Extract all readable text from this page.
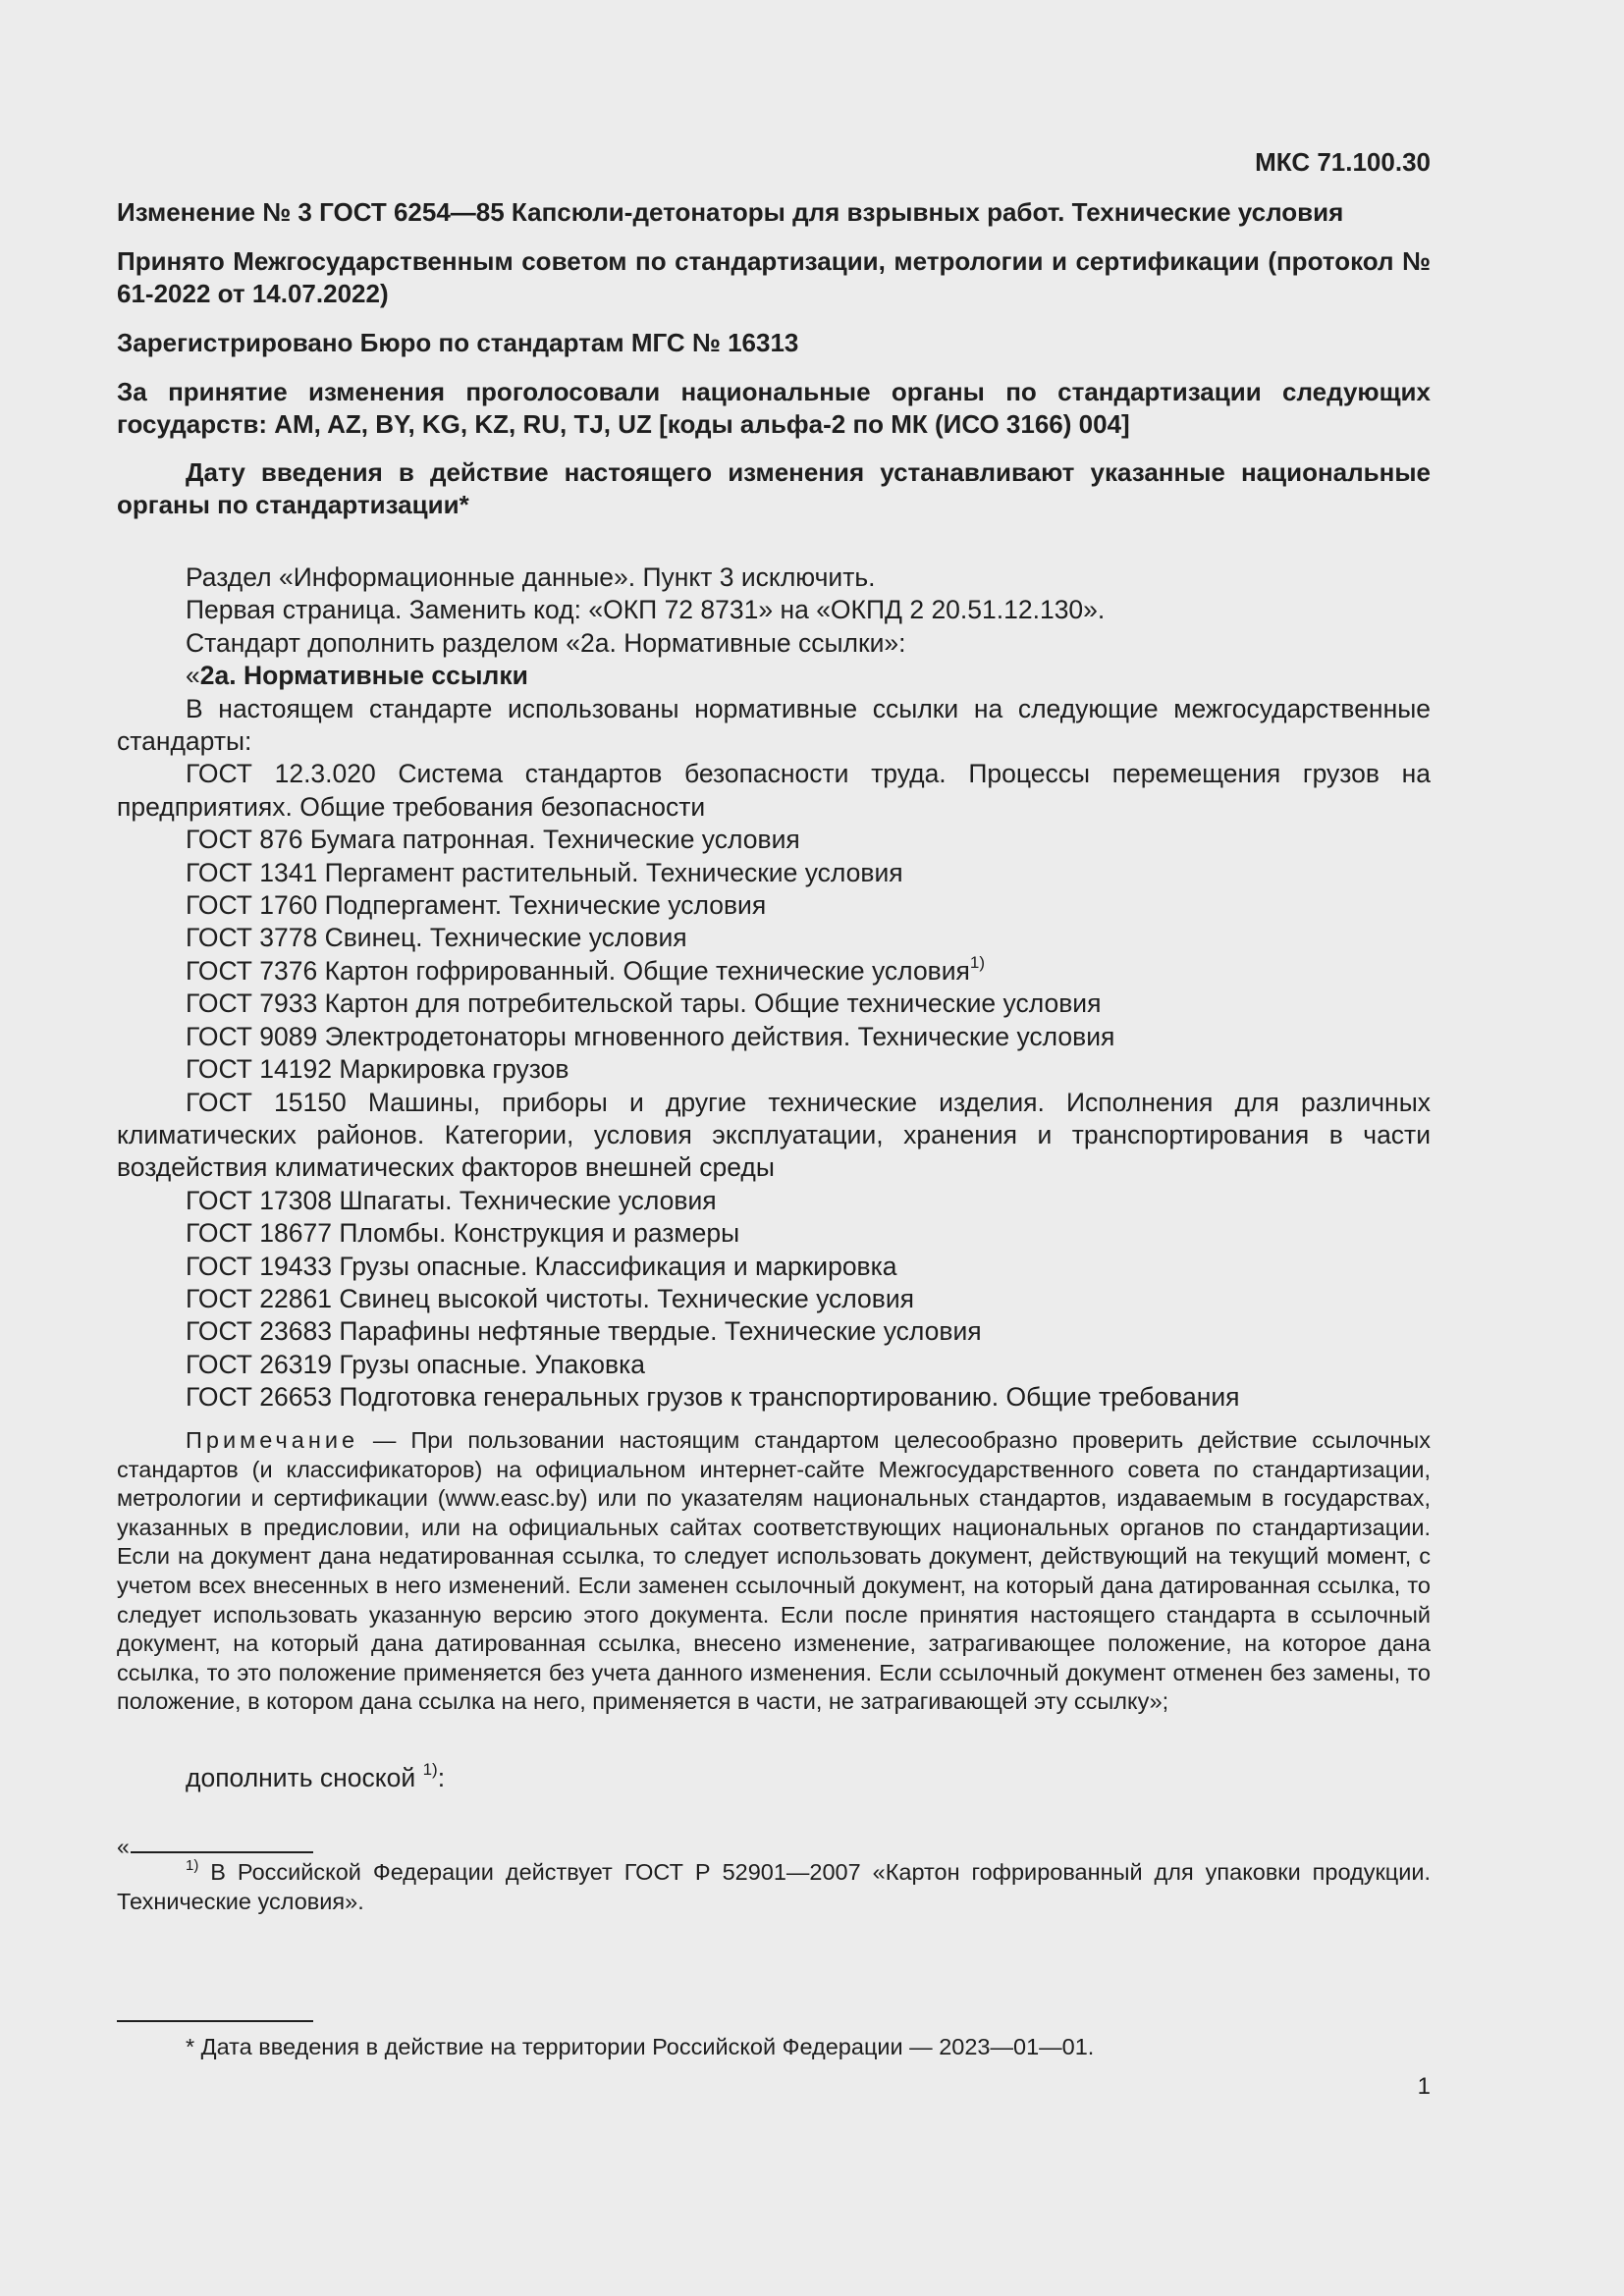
МКС 71.100.30
Изменение № 3 ГОСТ 6254—85 Капсюли-детонаторы для взрывных работ. Технические условия
Принято Межгосударственным советом по стандартизации, метрологии и сертификации (протокол № 61-2022 от 14.07.2022)
Зарегистрировано Бюро по стандартам МГС № 16313
За принятие изменения проголосовали национальные органы по стандартизации следующих государств: AM, AZ, BY, KG, KZ, RU, TJ, UZ [коды альфа-2 по МК (ИСО 3166) 004]
Дату введения в действие настоящего изменения устанавливают указанные национальные органы по стандартизации*

Раздел «Информационные данные». Пункт 3 исключить.

Первая страница. Заменить код: «ОКП 72 8731» на «ОКПД 2 20.51.12.130».

Стандарт дополнить разделом «2а. Нормативные ссылки»:

«2а. Нормативные ссылки

В настоящем стандарте использованы нормативные ссылки на следующие межгосударственные стандарты:

ГОСТ 12.3.020 Система стандартов безопасности труда. Процессы перемещения грузов на предприятиях. Общие требования безопасности

ГОСТ 876 Бумага патронная. Технические условия

ГОСТ 1341 Пергамент растительный. Технические условия

ГОСТ 1760 Подпергамент. Технические условия

ГОСТ 3778 Свинец. Технические условия

ГОСТ 7376 Картон гофрированный. Общие технические условия$^{1)}$

ГОСТ 7933 Картон для потребительской тары. Общие технические условия

ГОСТ 9089 Электродетонаторы мгновенного действия. Технические условия

ГОСТ 14192 Маркировка грузов

ГОСТ 15150 Машины, приборы и другие технические изделия. Исполнения для различных климатических районов. Категории, условия эксплуатации, хранения и транспортирования в части воздействия климатических факторов внешней среды

ГОСТ 17308 Шпагаты. Технические условия

ГОСТ 18677 Пломбы. Конструкция и размеры

ГОСТ 19433 Грузы опасные. Классификация и маркировка

ГОСТ 22861 Свинец высокой чистоты. Технические условия

ГОСТ 23683 Парафины нефтяные твердые. Технические условия

ГОСТ 26319 Грузы опасные. Упаковка

ГОСТ 26653 Подготовка генеральных грузов к транспортированию. Общие требования

Примечание — При пользовании настоящим стандартом целесообразно проверить действие ссылочных стандартов (и классификаторов) на официальном интернет-сайте Межгосударственного совета по стандартизации, метрологии и сертификации (www.easc.by) или по указателям национальных стандартов, издаваемым в государствах, указанных в предисловии, или на официальных сайтах соответствующих национальных органов по стандартизации. Если на документ дана недатированная ссылка, то следует использовать документ, действующий на текущий момент, с учетом всех внесенных в него изменений. Если заменен ссылочный документ, на который дана датированная ссылка, то следует использовать указанную версию этого документа. Если после принятия настоящего стандарта в ссылочный документ, на который дана датированная ссылка, внесено изменение, затрагивающее положение, на которое дана ссылка, то это положение применяется без учета данного изменения. Если ссылочный документ отменен без замены, то положение, в котором дана ссылка на него, применяется в части, не затрагивающей эту ссылку»;
дополнить сноской $^{1)}$:
«
$^{1)}$ В Российской Федерации действует ГОСТ Р 52901—2007 «Картон гофрированный для упаковки продукции. Технические условия».
* Дата введения в действие на территории Российской Федерации — 2023—01—01.
1
